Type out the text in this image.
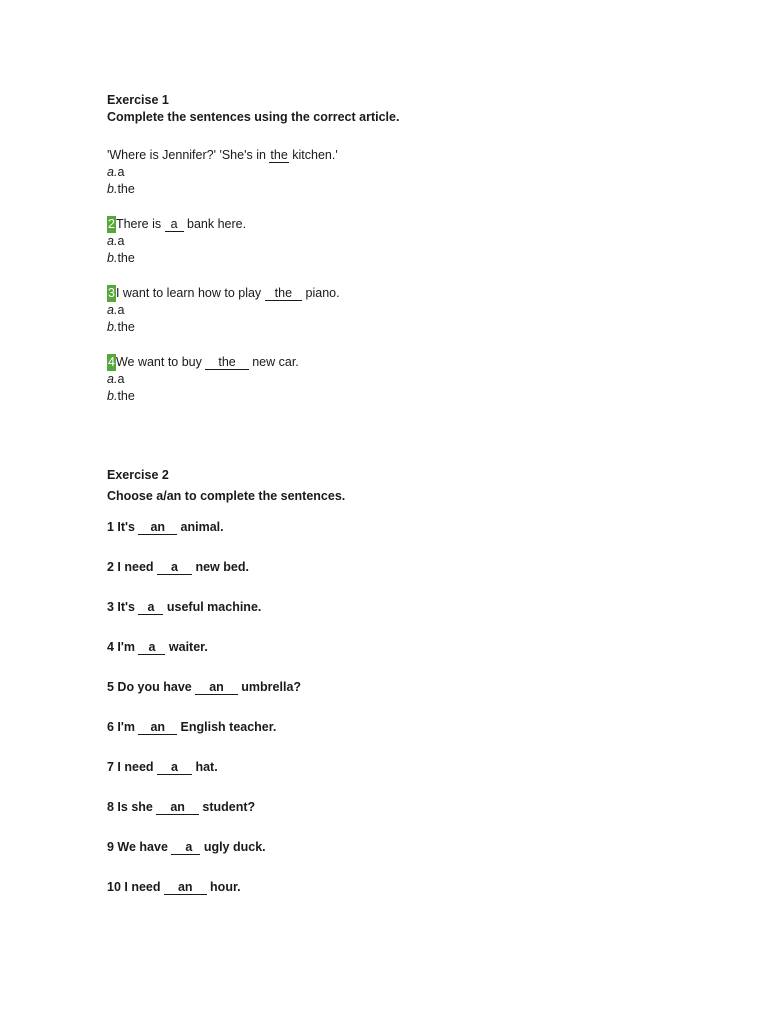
Exercise 1
Complete the sentences using the correct article.
'Where is Jennifer?' 'She's in the kitchen.'
a.a
b.the
2There is a bank here.
a.a
b.the
3I want to learn how to play the piano.
a.a
b.the
4We want to buy the new car.
a.a
b.the
Exercise 2
Choose a/an to complete the sentences.
1 It's an animal.
2 I need a new bed.
3 It's a useful machine.
4 I'm a waiter.
5 Do you have an umbrella?
6 I'm an English teacher.
7 I need a hat.
8 Is she an student?
9 We have a ugly duck.
10 I need an hour.
